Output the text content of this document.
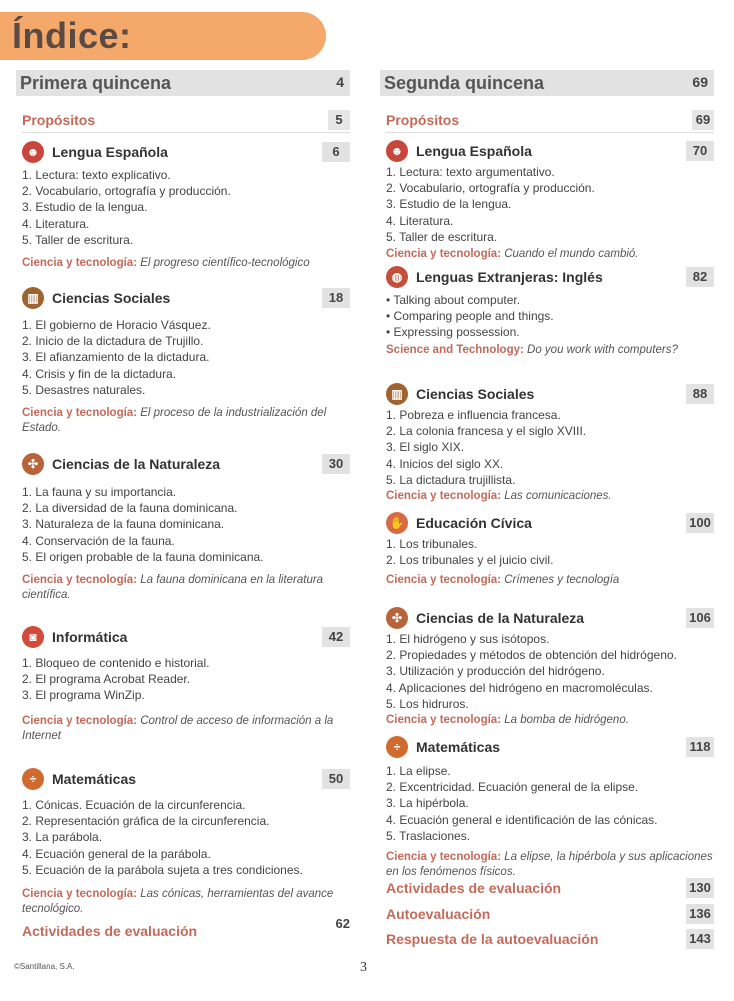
Índice:
Primera quincena	4
Propósitos	5
☻ Lengua Española	6
1. Lectura: texto explicativo.
2. Vocabulario, ortografía y producción.
3. Estudio de la lengua.
4. Literatura.
5. Taller de escritura.
Ciencia y tecnología: El progreso científico-tecnológico
▥ Ciencias Sociales	18
1. El gobierno de Horacio Vásquez.
2. Inicio de la dictadura de Trujillo.
3. El afianzamiento de la dictadura.
4. Crisis y fin de la dictadura.
5. Desastres naturales.
Ciencia y tecnología: El proceso de la industrialización del Estado.
✣ Ciencias de la Naturaleza	30
1. La fauna y su importancia.
2. La diversidad de la fauna dominicana.
3. Naturaleza de la fauna dominicana.
4. Conservación de la fauna.
5. El origen probable de la fauna dominicana.
Ciencia y tecnología: La fauna dominicana en la literatura científica.
◙	Informática	42
1. Bloqueo de contenido e historial.
2. El programa Acrobat Reader.
3. El programa WinZip.
Ciencia y tecnología: Control de acceso de información a la Internet
÷	Matemáticas	50
1. Cónicas. Ecuación de la circunferencia.
2. Representación gráfica de la circunferencia.
3. La parábola.
4. Ecuación general de la parábola.
5. Ecuación de la parábola sujeta a tres condiciones.
Ciencia y tecnología: Las cónicas, herramientas del avance tecnológico.
Actividades de evaluación	62
Segunda quincena	69
Propósitos	69
☻ Lengua Española	70
1. Lectura: texto argumentativo.
2. Vocabulario, ortografía y producción.
3. Estudio de la lengua.
4. Literatura.
5. Taller de escritura.
Ciencia y tecnología: Cuando el mundo cambió.
◍ Lenguas Extranjeras: Inglés	82
• Talking about computer.
• Comparing people and things.
• Expressing possession.
Science and Technology: Do you work with computers?
▥ Ciencias Sociales	88
1. Pobreza e influencia francesa.
2. La colonia francesa y el siglo XVIII.
3. El siglo XIX.
4. Inicios del siglo XX.
5. La dictadura trujillista.
Ciencia y tecnología: Las comunicaciones.
✋ Educación Cívica	100
1. Los tribunales.
2. Los tribunales y el juicio civil.
Ciencia y tecnología: Crímenes y tecnología
✣ Ciencias de la Naturaleza	106
1. El hidrógeno y sus isótopos.
2. Propiedades y métodos de obtención del hidrógeno.
3. Utilización y producción del hidrógeno.
4. Aplicaciones del hidrógeno en macromoléculas.
5. Los hidruros.
Ciencia y tecnología: La bomba de hidrógeno.
÷	Matemáticas	118
1. La elipse.
2. Excentricidad. Ecuación general de la elipse.
3. La hipérbola.
4. Ecuación general e identificación de las cónicas.
5. Traslaciones.
Ciencia y tecnología: La elipse, la hipérbola y sus aplicaciones en los fenómenos físicos.
Actividades de evaluación	130
Autoevaluación	136
Respuesta de la autoevaluación	143
©Santillana, S.A.	3
